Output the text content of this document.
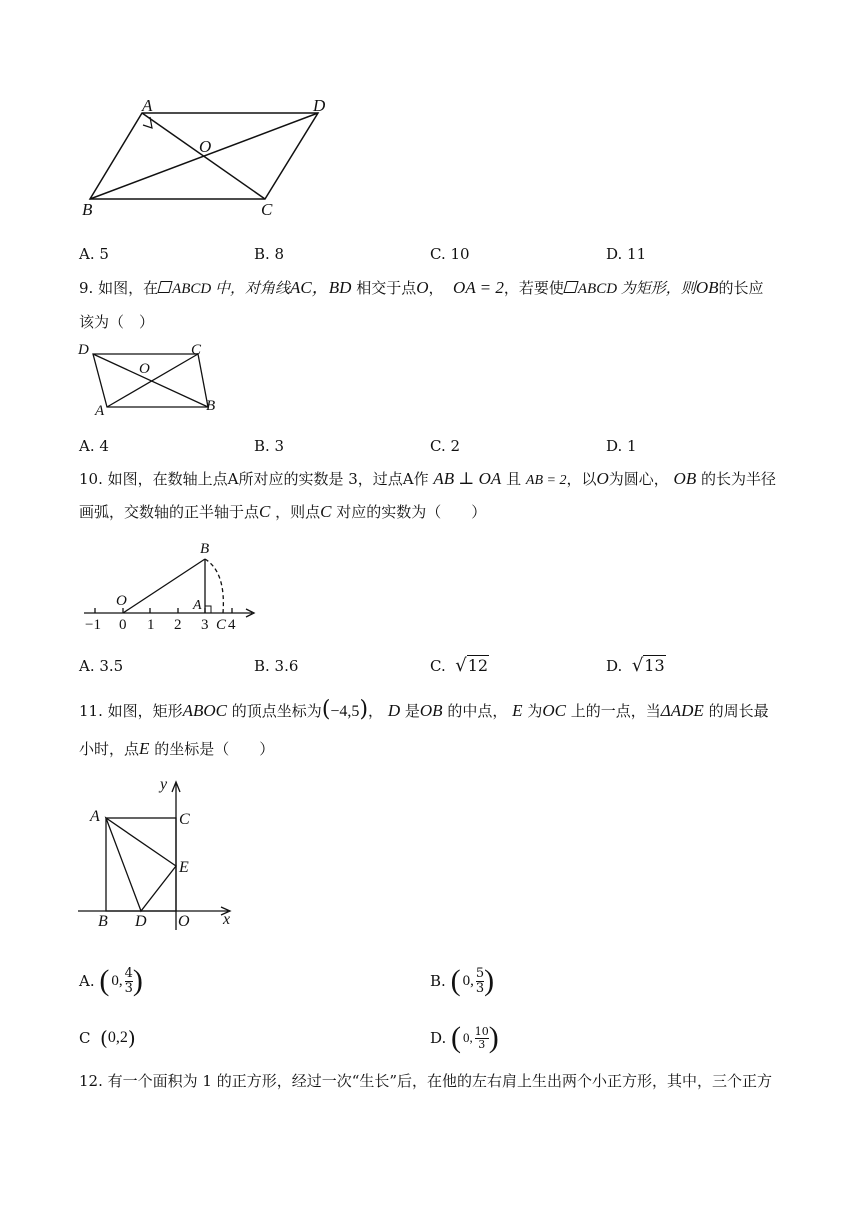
A	D
O
B	C
A. 5	B. 8	C. 10	D. 11
9. 如图，在 ABCD 中，对角线AC，BD 相交于点O， OA = 2，若要使 ABCD 为矩形，则OB的长应
该为（　）
D	C
O
A	B
A. 4	B. 3	C. 2	D. 1
10. 如图，在数轴上点A所对应的实数是 3，过点A作 AB ⊥ OA 且 AB = 2，以O为圆心， OB 的长为半径
画弧，交数轴的正半轴于点C ，则点C 对应的实数为（　　）
B
O	A
C
−1 0 1 2 3 4
A. 3.5	B. 3.6	C. √12	D. √13
11. 如图，矩形ABOC 的顶点坐标为(−4,5)， D 是OB 的中点， E 为OC 上的一点，当ΔADE 的周长最
小时，点E 的坐标是（　　）
y
A	C
E
B D O x
A.
( 0, $\frac{4}{3}$ )	B.
( 0, $\frac{5}{3}$ )
C
( 0,2 )	D.
( 0, $\frac{10}{3}$ )
12. 有一个面积为 1 的正方形，经过一次“生长”后，在他的左右肩上生出两个小正方形，其中，三个正方
